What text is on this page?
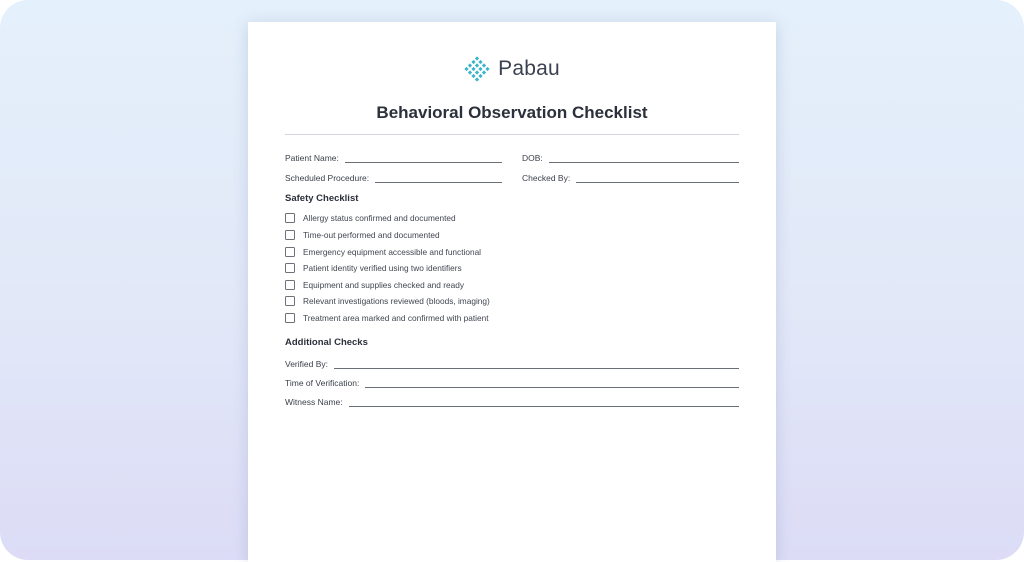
Pabau
Behavioral Observation Checklist
Patient Name:	DOB:
Scheduled Procedure:	Checked By:
Safety Checklist
Allergy status confirmed and documented
Time-out performed and documented
Emergency equipment accessible and functional
Patient identity verified using two identifiers
Equipment and supplies checked and ready
Relevant investigations reviewed (bloods, imaging)
Treatment area marked and confirmed with patient
Additional Checks
Verified By:
Time of Verification:
Witness Name:
